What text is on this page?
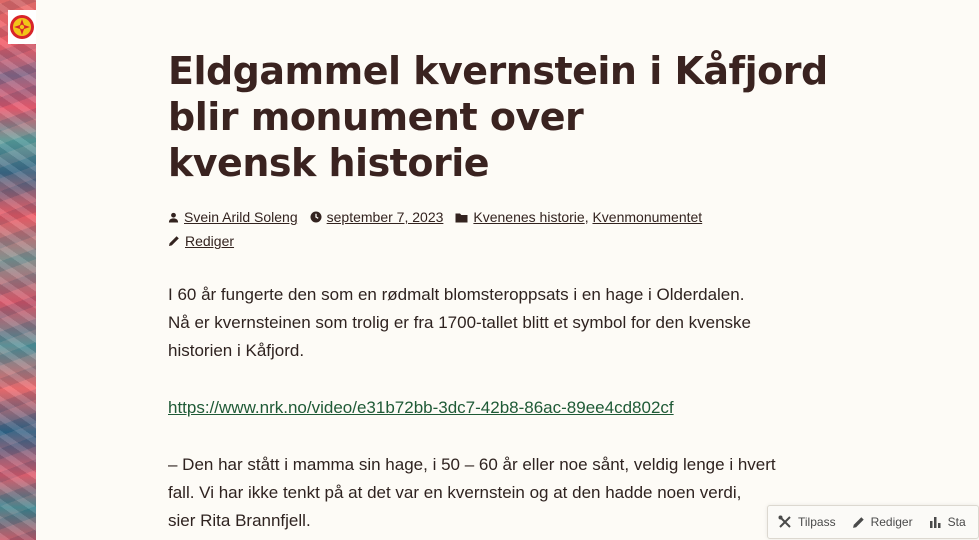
Eldgammel kvernstein i Kåfjord
blir monument over
kvensk historie
Svein Arild Soleng september 7, 2023 Kvenenes historie ,
Kvenmonumentet
Rediger

I 60 år fungerte den som en rødmalt blomsteroppsats i en hage i Olderdalen.
Nå er kvernsteinen som trolig er fra 1700-tallet blitt et symbol for den kvenske
historien i Kåfjord.

https://www.nrk.no/video/e31b72bb-3dc7-42b8-86ac-89ee4cd802cf

– Den har stått i mamma sin hage, i 50 – 60 år eller noe sånt, veldig lenge i hvert
fall. Vi har ikke tenkt på at det var en kvernstein og at den hadde noen verdi,
sier Rita Brannfjell.	Tilpass	Rediger	Sta
